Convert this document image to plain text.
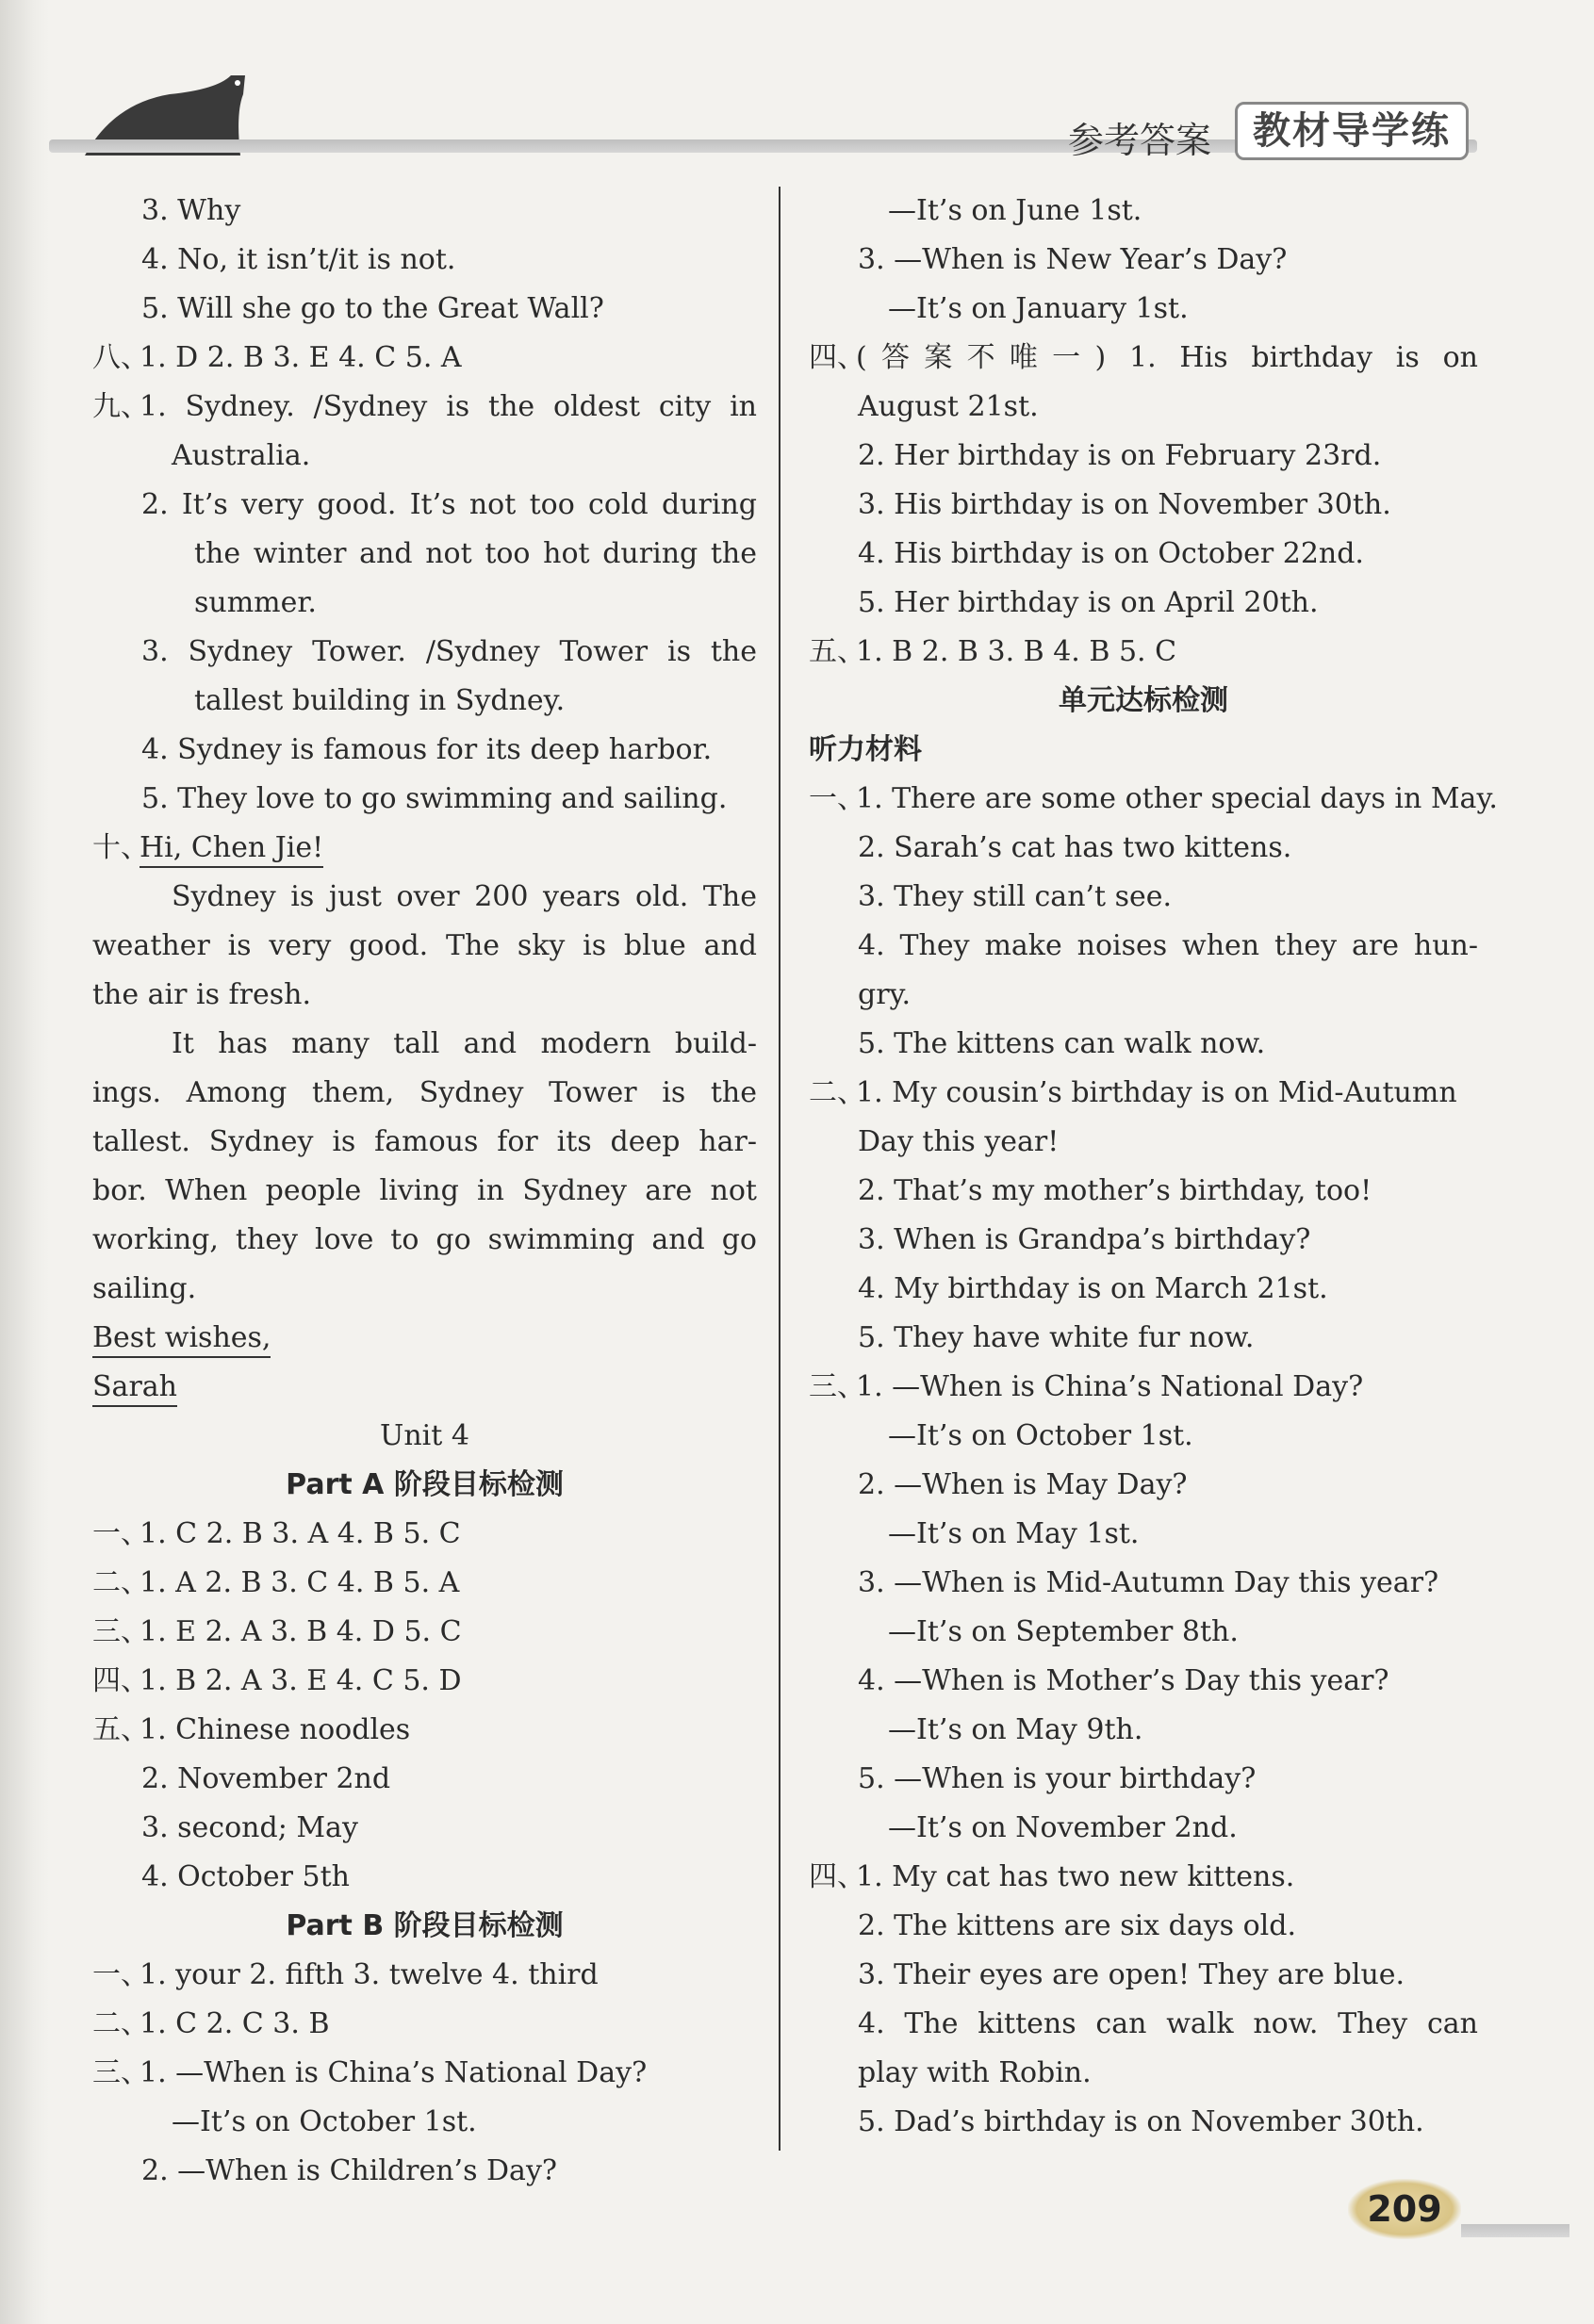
参考答案	教材导学练
3. Why
4. No, it isn’t/it is not.
5. Will she go to the Great Wall?
八、1. D 2. B 3. E 4. C 5. A
九、1. Sydney. /Sydney is the oldest city in
Australia.
2. It’s very good. It’s not too cold during
the winter and not too hot during the
summer.
3. Sydney Tower. /Sydney Tower is the
tallest building in Sydney.
4. Sydney is famous for its deep harbor.
5. They love to go swimming and sailing.
十、Hi, Chen Jie!
Sydney is just over 200 years old. The
weather is very good. The sky is blue and
the air is fresh.
It has many tall and modern build-
ings. Among them, Sydney Tower is the
tallest. Sydney is famous for its deep har-
bor. When people living in Sydney are not
working, they love to go swimming and go
sailing.
Best wishes,
Sarah
Unit 4
Part A 阶段目标检测
一、1. C 2. B 3. A 4. B 5. C
二、1. A 2. B 3. C 4. B 5. A
三、1. E 2. A 3. B 4. D 5. C
四、1. B 2. A 3. E 4. C 5. D
五、1. Chinese noodles
2. November 2nd
3. second; May
4. October 5th
Part B 阶段目标检测
一、1. your 2. fifth 3. twelve 4. third
二、1. C 2. C 3. B
三、1. —When is China’s National Day?
—It’s on October 1st.
2. —When is Children’s Day?
—It’s on June 1st.
3. —When is New Year’s Day?
—It’s on January 1st.
四、(答案不唯一) 1. His birthday is on
August 21st.
2. Her birthday is on February 23rd.
3. His birthday is on November 30th.
4. His birthday is on October 22nd.
5. Her birthday is on April 20th.
五、1. B 2. B 3. B 4. B 5. C
单元达标检测
听力材料
一、1. There are some other special days in May.
2. Sarah’s cat has two kittens.
3. They still can’t see.
4. They make noises when they are hun-
gry.
5. The kittens can walk now.
二、1. My cousin’s birthday is on Mid-Autumn
Day this year!
2. That’s my mother’s birthday, too!
3. When is Grandpa’s birthday?
4. My birthday is on March 21st.
5. They have white fur now.
三、1. —When is China’s National Day?
—It’s on October 1st.
2. —When is May Day?
—It’s on May 1st.
3. —When is Mid-Autumn Day this year?
—It’s on September 8th.
4. —When is Mother’s Day this year?
—It’s on May 9th.
5. —When is your birthday?
—It’s on November 2nd.
四、1. My cat has two new kittens.
2. The kittens are six days old.
3. Their eyes are open! They are blue.
4. The kittens can walk now. They can
play with Robin.
5. Dad’s birthday is on November 30th.
209
